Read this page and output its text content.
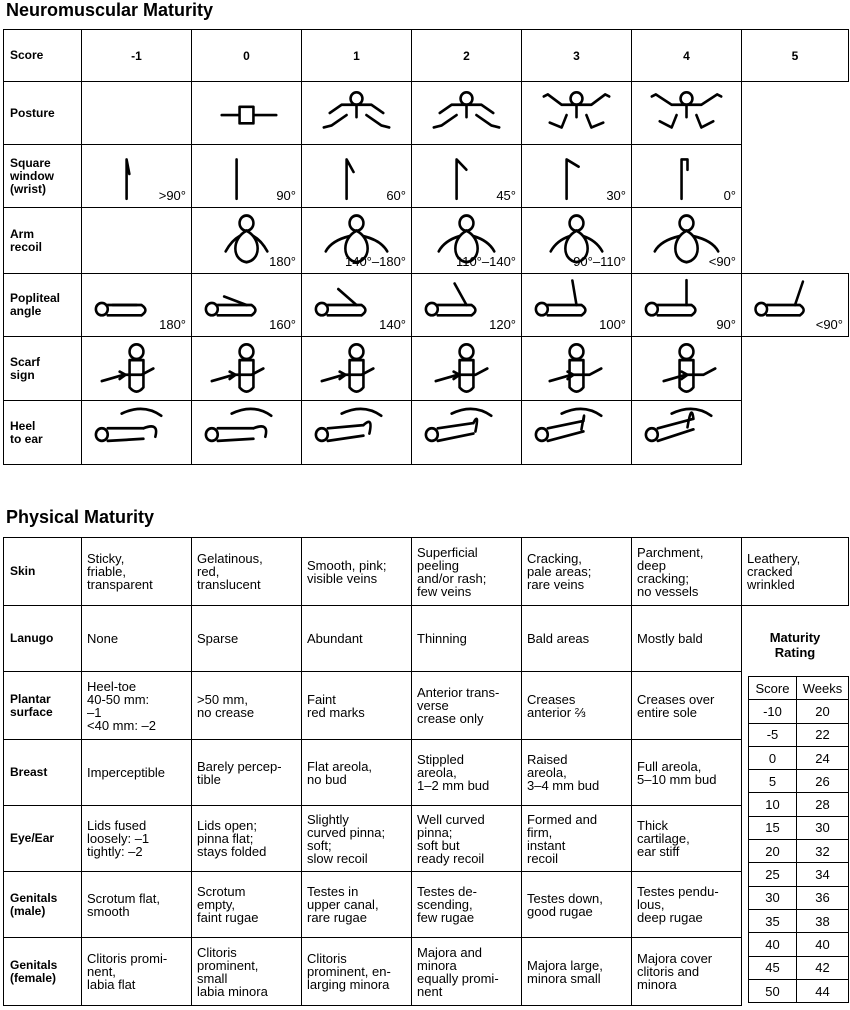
Neuromuscular Maturity
Score	-1	0	1	2	3	4	5
Posture		

Square
window
(wrist)	>90°	90°	60°	45°	30°	0°	

Arm
recoil		180°	140°–180°	110°–140°	90°–110°	<90°	

Popliteal
angle	180°	160°	140°	120°	100°	90°	<90°

Scarf
sign	

Heel
to ear	

Physical Maturity
Skin	Sticky,
friable,
transparent	Gelatinous,
red,
translucent	Smooth, pink;
visible veins	Superficial
peeling
and/or rash;
few veins	Cracking,
pale areas;
rare veins	Parchment,
deep
cracking;
no vessels	Leathery,
cracked
wrinkled
Lanugo	None	Sparse	Abundant	Thinning	Bald areas	Mostly bald	
Plantar
surface	Heel-toe
40-50 mm:
–1
<40 mm: –2	>50 mm,
no crease	Faint
red marks	Anterior trans-
verse
crease only	Creases
anterior ⅔	Creases over
entire sole	
Breast	Imperceptible	Barely percep-
tible	Flat areola,
no bud	Stippled
areola,
1–2 mm bud	Raised
areola,
3–4 mm bud	Full areola,
5–10 mm bud	
Eye/Ear	Lids fused
loosely: –1
tightly: –2	Lids open;
pinna flat;
stays folded	Slightly
curved pinna;
soft;
slow recoil	Well curved
pinna;
soft but
ready recoil	Formed and
firm,
instant
recoil	Thick
cartilage,
ear stiff	
Genitals
(male)	Scrotum flat,
smooth	Scrotum
empty,
faint rugae	Testes in
upper canal,
rare rugae	Testes de-
scending,
few rugae	Testes down,
good rugae	Testes pendu-
lous,
deep rugae	
Genitals
(female)	Clitoris promi-
nent,
labia flat	Clitoris
prominent,
small
labia minora	Clitoris
prominent, en-
larging minora	Majora and
minora
equally promi-
nent	Majora large,
minora small	Majora cover
clitoris and
minora	
Maturity
Rating
Score	Weeks
-10	20
-5	22
0	24
5	26
10	28
15	30
20	32
25	34
30	36
35	38
40	40
45	42
50	44
